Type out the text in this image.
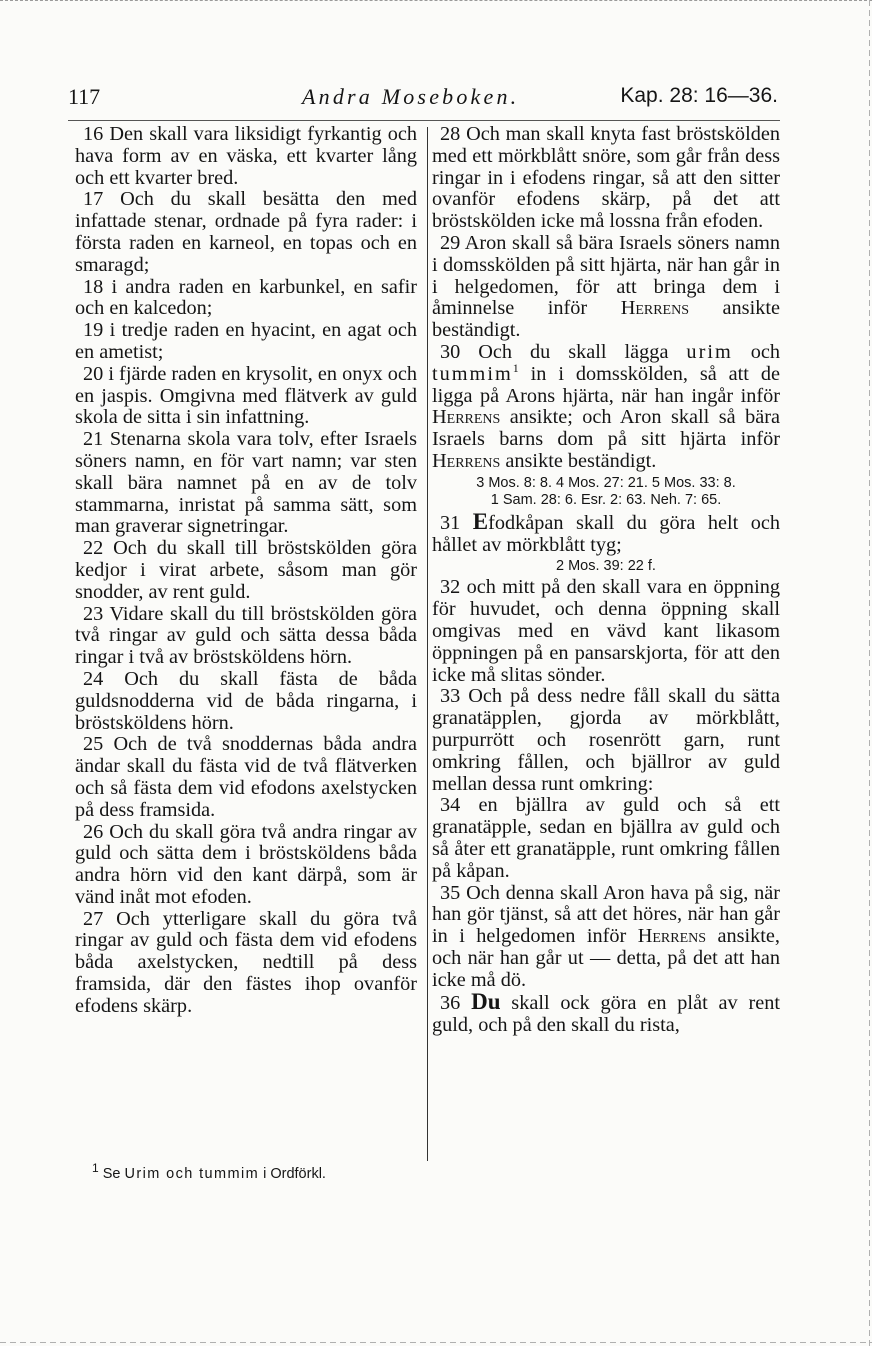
117	Andra Moseboken.	Kap. 28: 16—36.

16 Den skall vara liksidigt fyrkantig och hava form av en väska, ett kvarter lång och ett kvarter bred.

17 Och du skall besätta den med infattade stenar, ordnade på fyra rader: i första raden en karneol, en topas och en smaragd;

18 i andra raden en karbunkel, en safir och en kalcedon;

19 i tredje raden en hyacint, en agat och en ametist;

20 i fjärde raden en krysolit, en onyx och en jaspis. Omgivna med flätverk av guld skola de sitta i sin infattning.

21 Stenarna skola vara tolv, efter Israels söners namn, en för vart namn; var sten skall bära namnet på en av de tolv stammarna, inristat på samma sätt, som man graverar signetringar.

22 Och du skall till bröstskölden göra kedjor i virat arbete, såsom man gör snodder, av rent guld.

23 Vidare skall du till bröstskölden göra två ringar av guld och sätta dessa båda ringar i två av bröstsköldens hörn.

24 Och du skall fästa de båda guldsnodderna vid de båda ringarna, i bröstsköldens hörn.

25 Och de två snoddernas båda andra ändar skall du fästa vid de två flätverken och så fästa dem vid efodons axelstycken på dess framsida.

26 Och du skall göra två andra ringar av guld och sätta dem i bröstsköldens båda andra hörn vid den kant därpå, som är vänd inåt mot efoden.

27 Och ytterligare skall du göra två ringar av guld och fästa dem vid efodens båda axelstycken, nedtill på dess framsida, där den fästes ihop ovanför efodens skärp.

28 Och man skall knyta fast bröstskölden med ett mörkblått snöre, som går från dess ringar in i efodens ringar, så att den sitter ovanför efodens skärp, på det att bröstskölden icke må lossna från efoden.

29 Aron skall så bära Israels söners namn i domsskölden på sitt hjärta, när han går in i helgedomen, för att bringa dem i åminnelse inför Herrens ansikte beständigt.

30 Och du skall lägga urim och tummim$^1$ in i domsskölden, så att de ligga på Arons hjärta, när han ingår inför Herrens ansikte; och Aron skall så bära Israels barns dom på sitt hjärta inför Herrens ansikte beständigt.

3 Mos. 8: 8. 4 Mos. 27: 21. 5 Mos. 33: 8.
1 Sam. 28: 6. Esr. 2: 63. Neh. 7: 65.

31 Efodkåpan skall du göra helt och hållet av mörkblått tyg;

2 Mos. 39: 22 f.

32 och mitt på den skall vara en öppning för huvudet, och denna öppning skall omgivas med en vävd kant likasom öppningen på en pansarskjorta, för att den icke må slitas sönder.

33 Och på dess nedre fåll skall du sätta granatäpplen, gjorda av mörkblått, purpurrött och rosenrött garn, runt omkring fållen, och bjällror av guld mellan dessa runt omkring:

34 en bjällra av guld och så ett granatäpple, sedan en bjällra av guld och så åter ett granatäpple, runt omkring fållen på kåpan.

35 Och denna skall Aron hava på sig, när han gör tjänst, så att det höres, när han går in i helgedomen inför Herrens ansikte, och när han går ut — detta, på det att han icke må dö.

36 Du skall ock göra en plåt av rent guld, och på den skall du rista,

$^1$ Se Urim och tummim i Ordförkl.
